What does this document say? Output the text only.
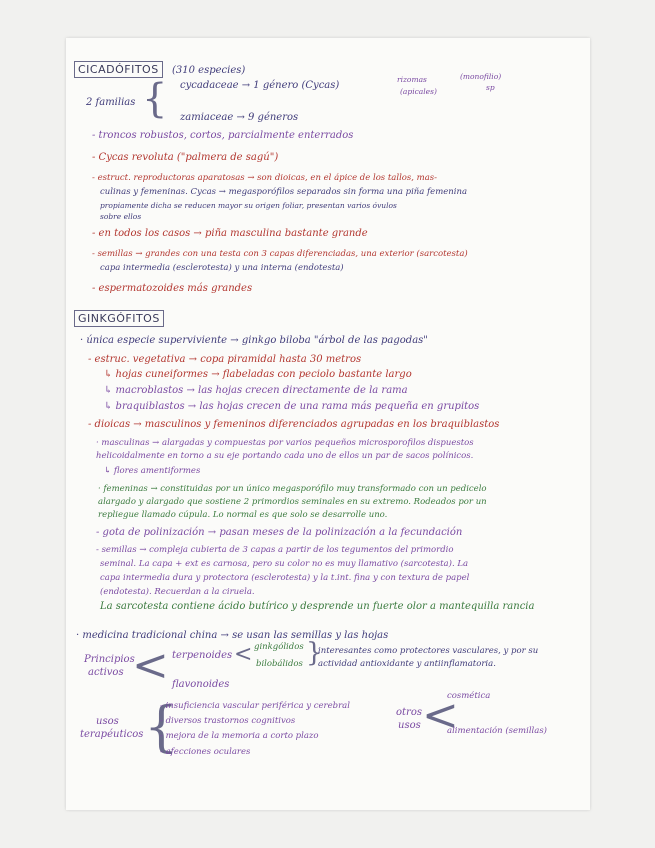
CICADÓFITOS	(310 especies)
2 familias { cycadaceae → 1 género (Cycas)
zamiaceae → 9 géneros
rizomas
(apicales)
(monofilio)
sp
- troncos robustos, cortos, parcialmente enterrados
- Cycas revoluta ("palmera de sagú")
- estruct. reproductoras aparatosas → son dioicas, en el ápice de los tallos, mas-
culinas y femeninas. Cycas → megasporófilos separados sin forma una piña femenina
propiamente dicha se reducen mayor su origen foliar, presentan varios óvulos
sobre ellos
- en todos los casos → piña masculina bastante grande
- semillas → grandes con una testa con 3 capas diferenciadas, una exterior (sarcotesta)
capa intermedia (esclerotesta) y una interna (endotesta)
- espermatozoides más grandes
GINKGÓFITOS
· única especie superviviente → ginkgo biloba "árbol de las pagodas"
- estruc. vegetativa → copa piramidal hasta 30 metros
↳ hojas cuneiformes → flabeladas con peciolo bastante largo
↳ macroblastos → las hojas crecen directamente de la rama
↳ braquiblastos → las hojas crecen de una rama más pequeña en grupitos
- dioicas → masculinos y femeninos diferenciados agrupadas en los braquiblastos
· masculinas → alargadas y compuestas por varios pequeños microsporofilos dispuestos
helicoidalmente en torno a su eje portando cada uno de ellos un par de sacos polínicos.
↳ flores amentiformes
· femeninas → constituidas por un único megasporófilo muy transformado con un pedicelo
alargado y alargado que sostiene 2 primordios seminales en su extremo. Rodeados por un
repliegue llamado cúpula. Lo normal es que solo se desarrolle uno.
- gota de polinización → pasan meses de la polinización a la fecundación
- semillas → compleja cubierta de 3 capas a partir de los tegumentos del primordio
seminal. La capa + ext es carnosa, pero su color no es muy llamativo (sarcotesta). La
capa intermedia dura y protectora (esclerotesta) y la t.int. fina y con textura de papel
(endotesta). Recuerdan a la ciruela.
La sarcotesta contiene ácido butírico y desprende un fuerte olor a mantequilla rancia
· medicina tradicional china → se usan las semillas y las hojas
Principios
activos < terpenoides < ginkgólidos
bilobálidos }
interesantes como protectores vasculares, y por su
actividad antioxidante y antiinflamatoria.
flavonoides
usos
terapéuticos {
- insuficiencia vascular periférica y cerebral
- diversos trastornos cognitivos
- mejora de la memoria a corto plazo
- afecciones oculares
otros
usos <
cosmética
alimentación (semillas)
